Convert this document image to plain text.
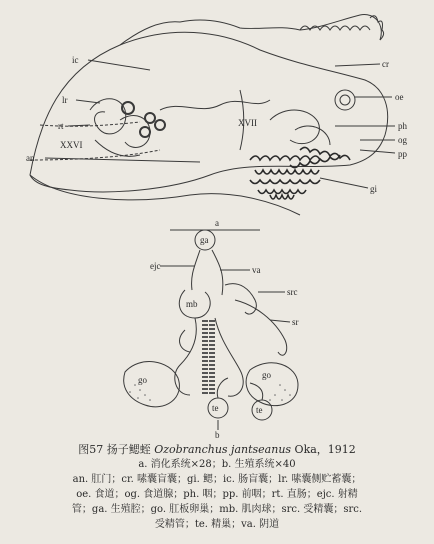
ic	cr
lr	oe
rt
XXVI
XVII
an
ph
og
pp
gi
a
ga
ejc	va
src
mb
sr
go	go
te	te
b

图57 扬子鳃蛭 Ozobranchus jantseanus Oka，1912

a. 消化系统×28；b. 生殖系统×40

an. 肛门；cr. 嗉囊盲囊；gi. 鳃；ic. 肠盲囊；lr. 嗉囊侧贮蓄囊；

oe. 食道；og. 食道腺；ph. 咽；pp. 前咽；rt. 直肠；ejc. 射精

管；ga. 生殖腔；go. 肛板卵巢；mb. 肌肉球；src. 受精囊；src.

受精管；te. 精巢；va. 阴道
